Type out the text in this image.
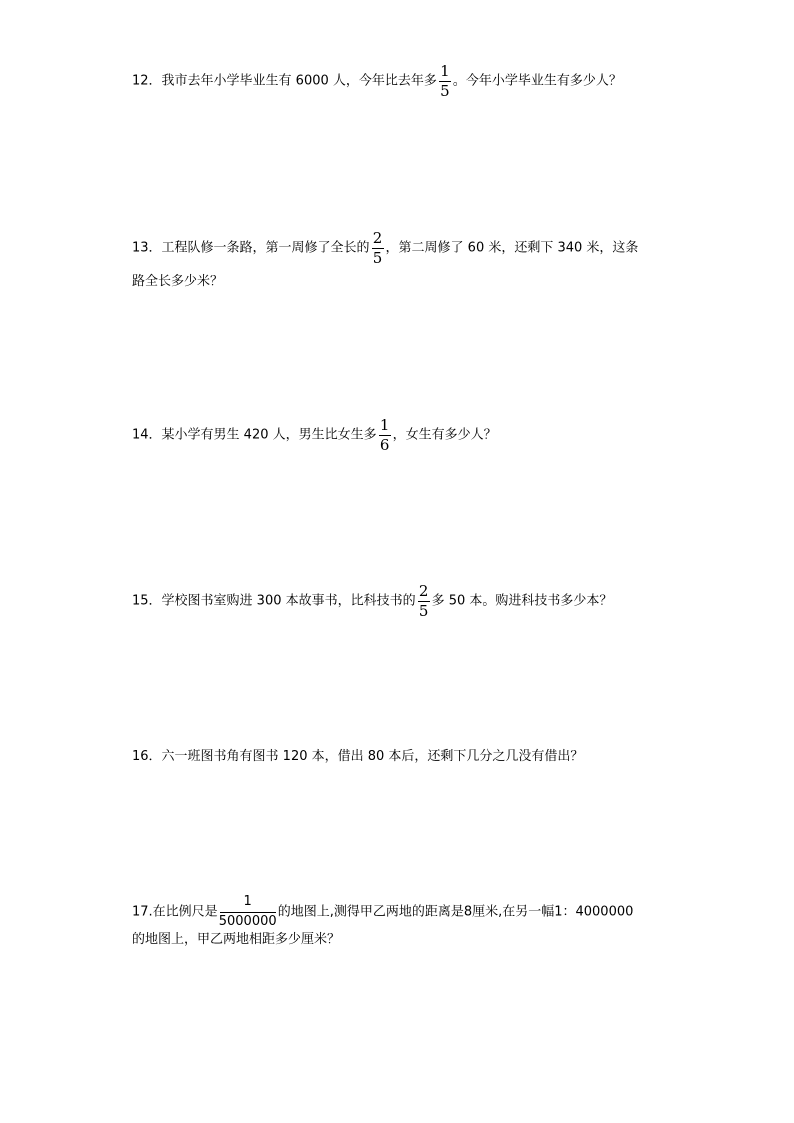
12．我市去年小学毕业生有 6000 人，今年比去年多 $\frac{1}{5}$ 。今年小学毕业生有多少人？
13．工程队修一条路，第一周修了全长的 $\frac{2}{5}$ ，第二周修了 60 米，还剩下 340 米，这条
路全长多少米？
14．某小学有男生 420 人，男生比女生多 $\frac{1}{6}$ ，女生有多少人？
15．学校图书室购进 300 本故事书，比科技书的 $\frac{2}{5}$ 多 50 本。购进科技书多少本？
16．六一班图书角有图书 120 本，借出 80 本后，还剩下几分之几没有借出？
17.在比例尺是 $\frac{1}{5000000}$ 的地图上,测得甲乙两地的距离是8厘米,在另一幅1：4000000
的地图上，甲乙两地相距多少厘米？
